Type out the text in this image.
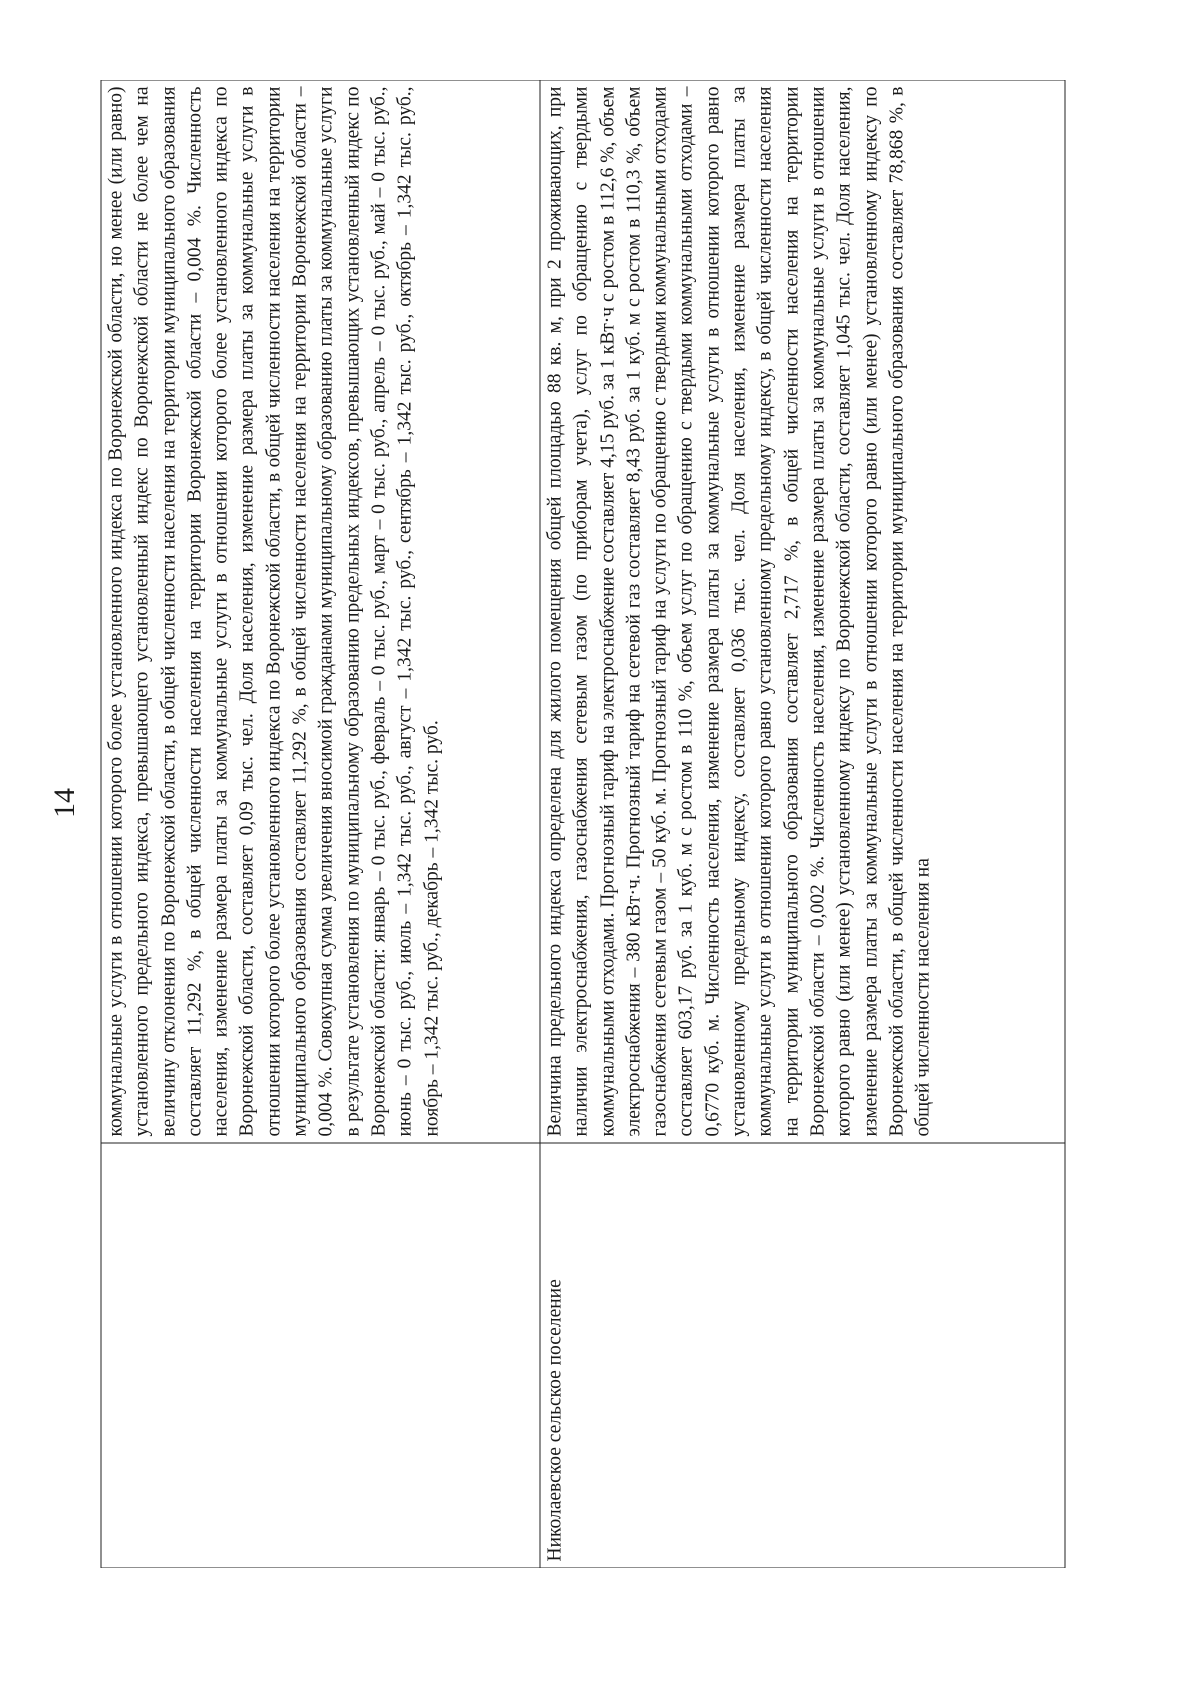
14
	коммунальные услуги в отношении которого более установленного индекса по Воронежской области, но менее (или равно) установленного предельного индекса, превышающего установленный индекс по Воронежской области не более чем на величину отклонения по Воронежской области, в общей численности населения на территории муниципального образования составляет 11,292 %, в общей численности населения на территории Воронежской области – 0,004 %. Численность населения, изменение размера платы за коммунальные услуги в отношении которого более установленного индекса по Воронежской области, составляет 0,09 тыс. чел. Доля населения, изменение размера платы за коммунальные услуги в отношении которого более установленного индекса по Воронежской области, в общей численности населения на территории муниципального образования составляет 11,292 %, в общей численности населения на территории Воронежской области – 0,004 %. Совокупная сумма увеличения вносимой гражданами муниципальному образованию платы за коммунальные услуги в результате установления по муниципальному образованию предельных индексов, превышающих установленный индекс по Воронежской области: январь – 0 тыс. руб., февраль – 0 тыс. руб., март – 0 тыс. руб., апрель – 0 тыс. руб., май – 0 тыс. руб., июнь – 0 тыс. руб., июль – 1,342 тыс. руб., август – 1,342 тыс. руб., сентябрь – 1,342 тыс. руб., октябрь – 1,342 тыс. руб., ноябрь – 1,342 тыс. руб., декабрь – 1,342 тыс. руб.
Николаевское сельское поселение	Величина предельного индекса определена для жилого помещения общей площадью 88 кв. м, при 2 проживающих, при наличии электроснабжения, газоснабжения сетевым газом (по приборам учета), услуг по обращению с твердыми коммунальными отходами. Прогнозный тариф на электроснабжение составляет 4,15 руб. за 1 кВт·ч с ростом в 112,6 %, объем электроснабжения – 380 кВт·ч. Прогнозный тариф на сетевой газ составляет 8,43 руб. за 1 куб. м с ростом в 110,3 %, объем газоснабжения сетевым газом – 50 куб. м. Прогнозный тариф на услуги по обращению с твердыми коммунальными отходами составляет 603,17 руб. за 1 куб. м с ростом в 110 %, объем услуг по обращению с твердыми коммунальными отходами – 0,6770 куб. м. Численность населения, изменение размера платы за коммунальные услуги в отношении которого равно установленному предельному индексу, составляет 0,036 тыс. чел. Доля населения, изменение размера платы за коммунальные услуги в отношении которого равно установленному предельному индексу, в общей численности населения на территории муниципального образования составляет 2,717 %, в общей численности населения на территории Воронежской области – 0,002 %. Численность населения, изменение размера платы за коммунальные услуги в отношении которого равно (или менее) установленному индексу по Воронежской области, составляет 1,045 тыс. чел. Доля населения, изменение размера платы за коммунальные услуги в отношении которого равно (или менее) установленному индексу по Воронежской области, в общей численности населения на территории муниципального образования составляет 78,868 %, в общей численности населения на
